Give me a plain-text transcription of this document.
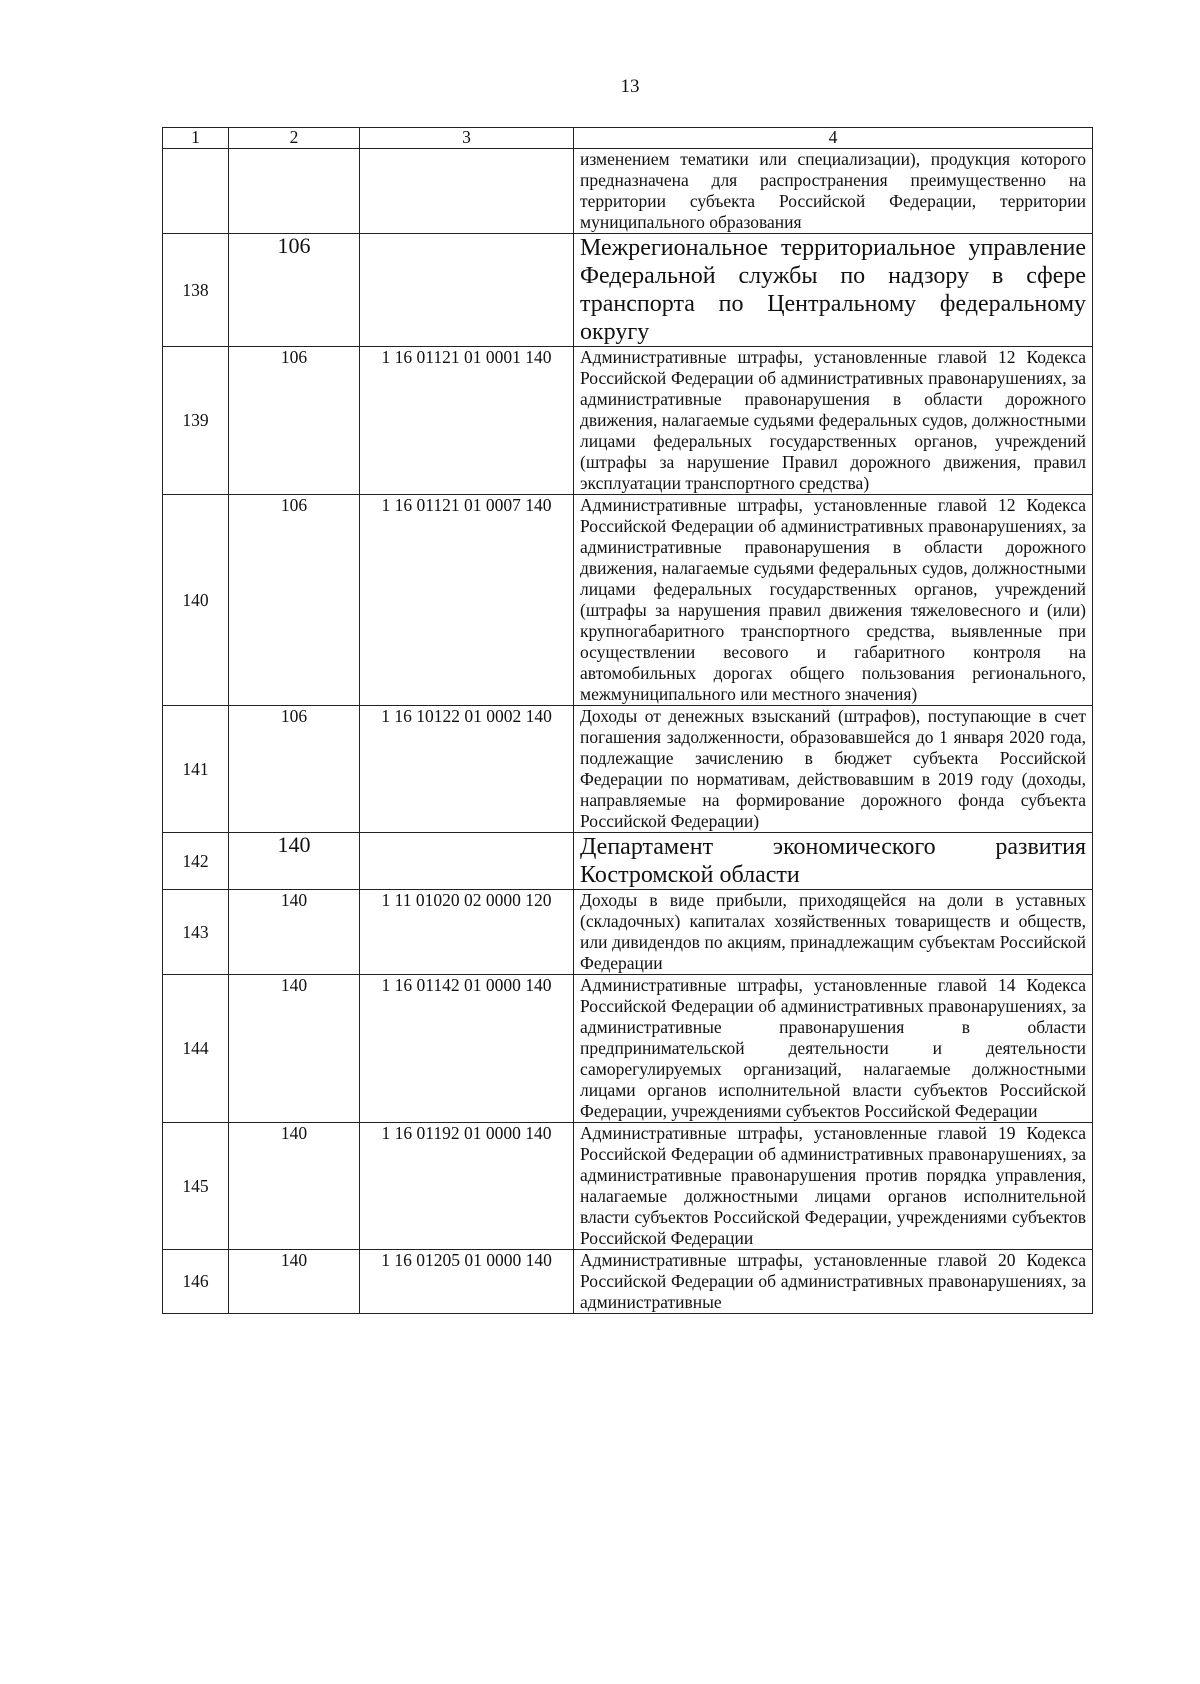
13
1	2	3	4
			изменением тематики или специализации), продукция которого предназначена для распространения преимущественно на территории субъекта Российской Федерации, территории муниципального образования
138	106		Межрегиональное территориальное управление Федеральной службы по надзору в сфере транспорта по Центральному федеральному округу
139	106	1 16 01121 01 0001 140	Административные штрафы, установленные главой 12 Кодекса Российской Федерации об административных правонарушениях, за административные правонарушения в области дорожного движения, налагаемые судьями федеральных судов, должностными лицами федеральных государственных органов, учреждений (штрафы за нарушение Правил дорожного движения, правил эксплуатации транспортного средства)
140	106	1 16 01121 01 0007 140	Административные штрафы, установленные главой 12 Кодекса Российской Федерации об административных правонарушениях, за административные правонарушения в области дорожного движения, налагаемые судьями федеральных судов, должностными лицами федеральных государственных органов, учреждений (штрафы за нарушения правил движения тяжеловесного и (или) крупногабаритного транспортного средства, выявленные при осуществлении весового и габаритного контроля на автомобильных дорогах общего пользования регионального, межмуниципального или местного значения)
141	106	1 16 10122 01 0002 140	Доходы от денежных взысканий (штрафов), поступающие в счет погашения задолженности, образовавшейся до 1 января 2020 года, подлежащие зачислению в бюджет субъекта Российской Федерации по нормативам, действовавшим в 2019 году (доходы, направляемые на формирование дорожного фонда субъекта Российской Федерации)
142	140		Департамент экономического развития Костромской области
143	140	1 11 01020 02 0000 120	Доходы в виде прибыли, приходящейся на доли в уставных (складочных) капиталах хозяйственных товариществ и обществ, или дивидендов по акциям, принадлежащим субъектам Российской Федерации
144	140	1 16 01142 01 0000 140	Административные штрафы, установленные главой 14 Кодекса Российской Федерации об административных правонарушениях, за административные правонарушения в области предпринимательской деятельности и деятельности саморегулируемых организаций, налагаемые должностными лицами органов исполнительной власти субъектов Российской Федерации, учреждениями субъектов Российской Федерации
145	140	1 16 01192 01 0000 140	Административные штрафы, установленные главой 19 Кодекса Российской Федерации об административных правонарушениях, за административные правонарушения против порядка управления, налагаемые должностными лицами органов исполнительной власти субъектов Российской Федерации, учреждениями субъектов Российской Федерации
146	140	1 16 01205 01 0000 140	Административные штрафы, установленные главой 20 Кодекса Российской Федерации об административных правонарушениях, за административные
